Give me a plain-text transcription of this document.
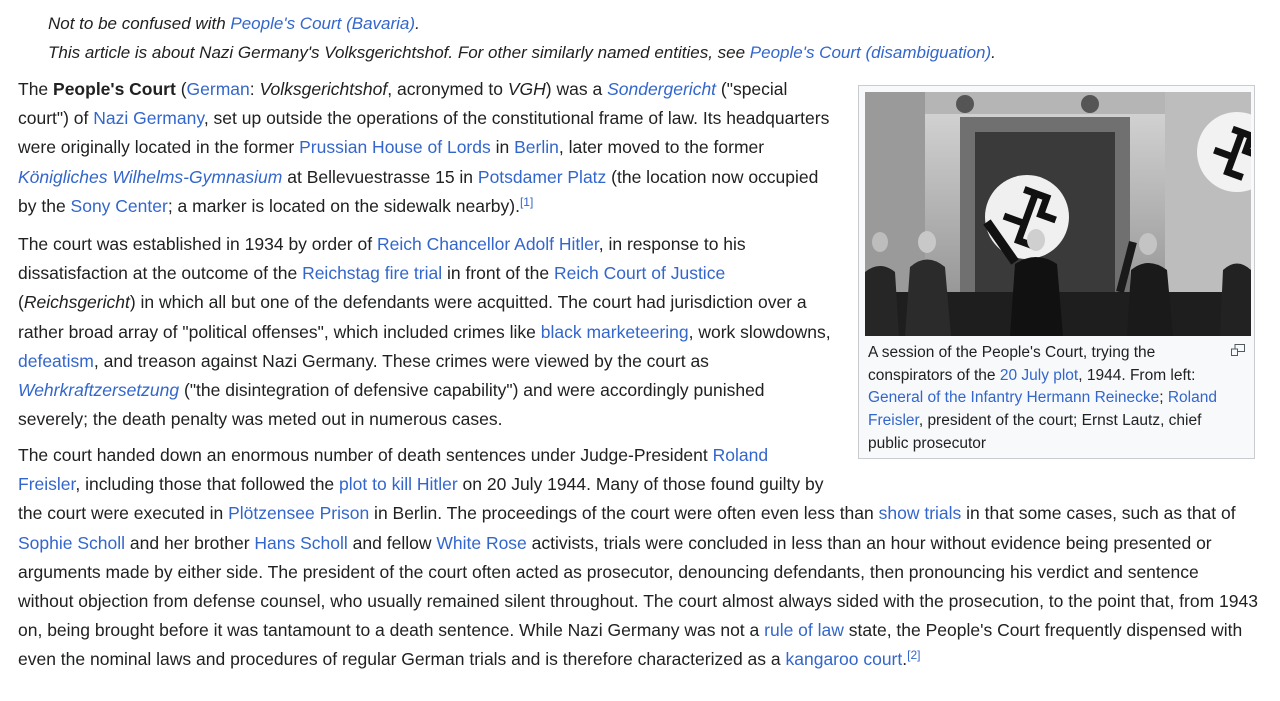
Not to be confused with People's Court (Bavaria).
This article is about Nazi Germany's Volksgerichtshof. For other similarly named entities, see People's Court (disambiguation).

The People's Court (German: Volksgerichtshof, acronymed to VGH) was a Sondergericht ("special court") of Nazi Germany, set up outside the operations of the constitutional frame of law. Its headquarters were originally located in the former Prussian House of Lords in Berlin, later moved to the former Königliches Wilhelms-Gymnasium at Bellevuestrasse 15 in Potsdamer Platz (the location now occupied by the Sony Center; a marker is located on the sidewalk nearby).[1]

The court was established in 1934 by order of Reich Chancellor Adolf Hitler, in response to his dissatisfaction at the outcome of the Reichstag fire trial in front of the Reich Court of Justice (Reichsgericht) in which all but one of the defendants were acquitted. The court had jurisdiction over a rather broad array of "political offenses", which included crimes like black marketeering, work slowdowns, defeatism, and treason against Nazi Germany. These crimes were viewed by the court as Wehrkraftzersetzung ("the disintegration of defensive capability") and were accordingly punished severely; the death penalty was meted out in numerous cases.

The court handed down an enormous number of death sentences under Judge-President Roland Freisler, including those that followed the plot to kill Hitler on 20 July 1944. Many of those found guilty by the court were executed in Plötzensee Prison in Berlin. The proceedings of the court were often even less than show trials in that some cases, such as that of Sophie Scholl and her brother Hans Scholl and fellow White Rose activists, trials were concluded in less than an hour without evidence being presented or arguments made by either side. The president of the court often acted as prosecutor, denouncing defendants, then pronouncing his verdict and sentence without objection from defense counsel, who usually remained silent throughout. The court almost always sided with the prosecution, to the point that, from 1943 on, being brought before it was tantamount to a death sentence. While Nazi Germany was not a rule of law state, the People's Court frequently dispensed with even the nominal laws and procedures of regular German trials and is therefore characterized as a kangaroo court.[2]
A session of the People's Court, trying the conspirators of the 20 July plot, 1944. From left: General of the Infantry Hermann Reinecke; Roland Freisler, president of the court; Ernst Lautz, chief public prosecutor
